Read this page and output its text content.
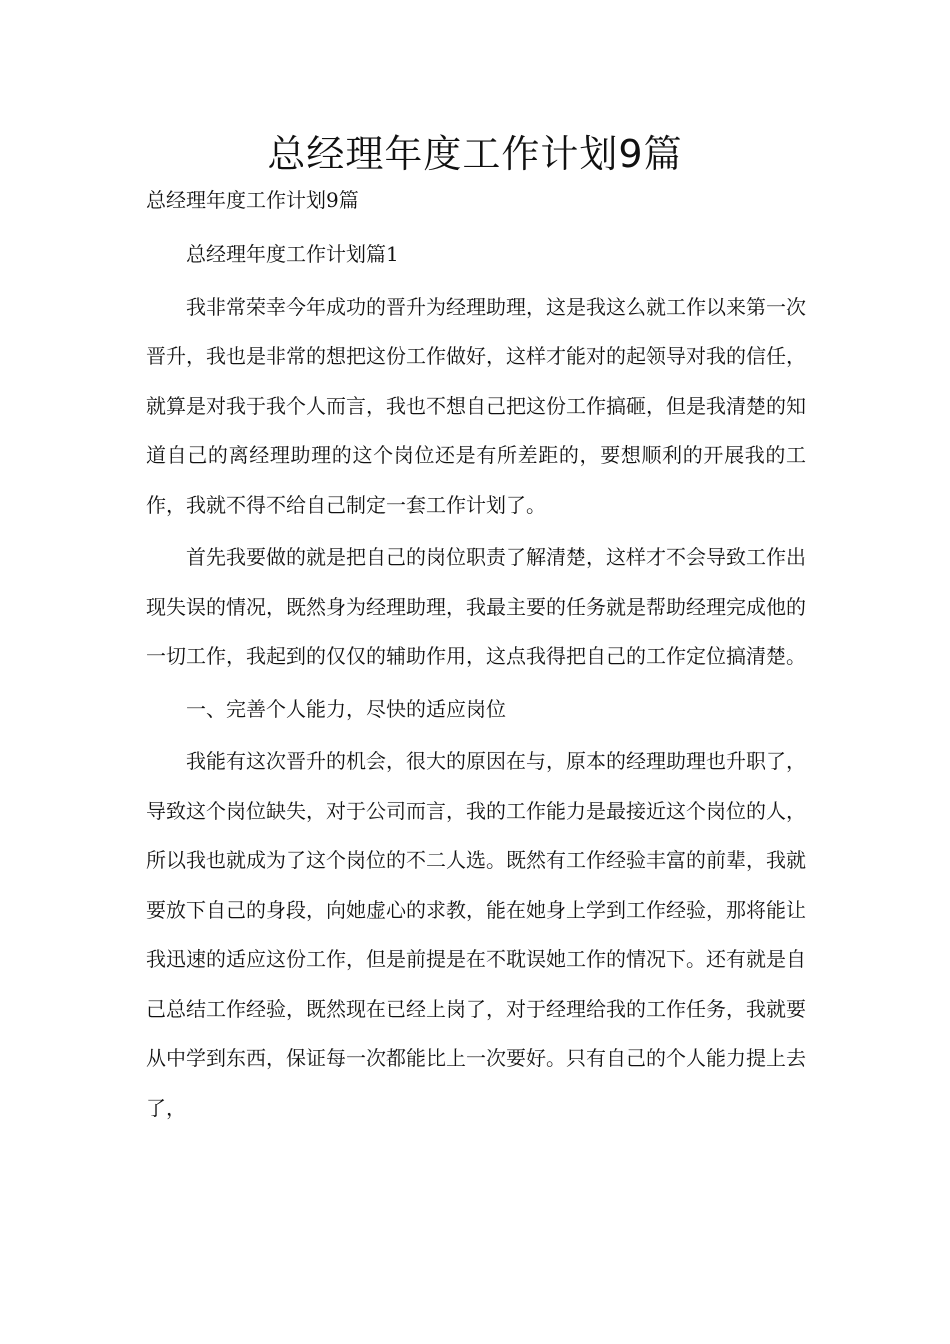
总经理年度工作计划9篇

总经理年度工作计划9篇

总经理年度工作计划篇1

我非常荣幸今年成功的晋升为经理助理，这是我这么就工作以来第一次晋升，我也是非常的想把这份工作做好，这样才能对的起领导对我的信任，就算是对我于我个人而言，我也不想自己把这份工作搞砸，但是我清楚的知道自己的离经理助理的这个岗位还是有所差距的，要想顺利的开展我的工作，我就不得不给自己制定一套工作计划了。

首先我要做的就是把自己的岗位职责了解清楚，这样才不会导致工作出现失误的情况，既然身为经理助理，我最主要的任务就是帮助经理完成他的一切工作，我起到的仅仅的辅助作用，这点我得把自己的工作定位搞清楚。

一、完善个人能力，尽快的适应岗位

我能有这次晋升的机会，很大的原因在与，原本的经理助理也升职了，导致这个岗位缺失，对于公司而言，我的工作能力是最接近这个岗位的人，所以我也就成为了这个岗位的不二人选。既然有工作经验丰富的前辈，我就要放下自己的身段，向她虚心的求教，能在她身上学到工作经验，那将能让我迅速的适应这份工作，但是前提是在不耽误她工作的情况下。还有就是自己总结工作经验，既然现在已经上岗了，对于经理给我的工作任务，我就要从中学到东西，保证每一次都能比上一次要好。只有自己的个人能力提上去了，
